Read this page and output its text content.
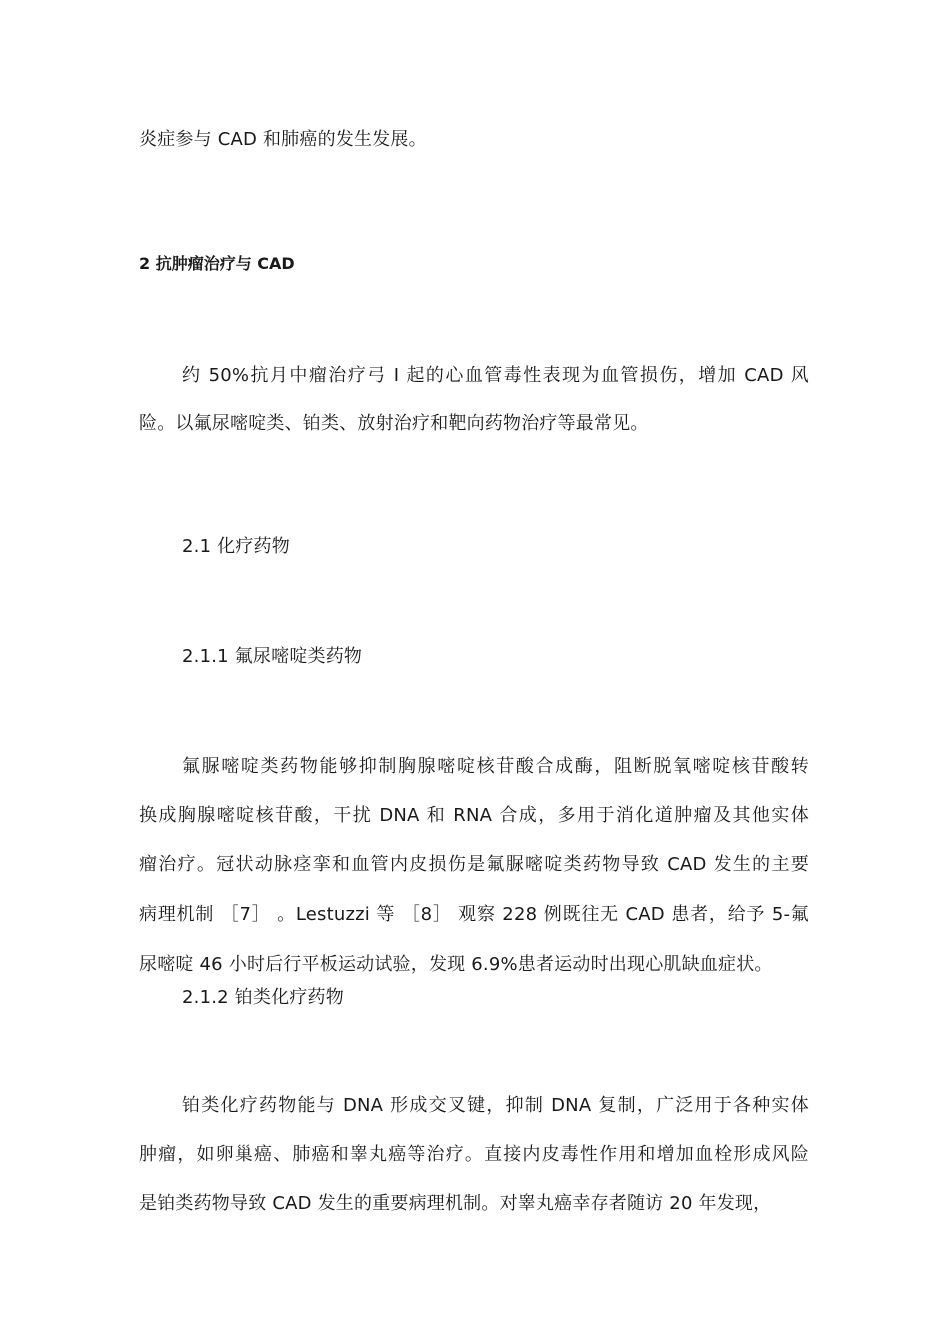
炎症参与 CAD 和肺癌的发生发展。
2 抗肿瘤治疗与 CAD
约 50%抗月中瘤治疗弓 I 起的心血管毒性表现为血管损伤，增加 CAD 风
险。以氟尿嘧啶类、铂类、放射治疗和靶向药物治疗等最常见。
2.1 化疗药物
2.1.1 氟尿嘧啶类药物
氟脲嘧啶类药物能够抑制胸腺嘧啶核苷酸合成酶，阻断脱氧嘧啶核苷酸转
换成胸腺嘧啶核苷酸，干扰 DNA 和 RNA 合成，多用于消化道肿瘤及其他实体
瘤治疗。冠状动脉痉挛和血管内皮损伤是氟脲嘧啶类药物导致 CAD 发生的主要
病理机制 ［7］ 。Lestuzzi 等 ［8］ 观察 228 例既往无 CAD 患者，给予 5-氟
尿嘧啶 46 小时后行平板运动试验，发现 6.9%患者运动时出现心肌缺血症状。
2.1.2 铂类化疗药物
铂类化疗药物能与 DNA 形成交叉键，抑制 DNA 复制，广泛用于各种实体
肿瘤，如卵巢癌、肺癌和睾丸癌等治疗。直接内皮毒性作用和增加血栓形成风险
是铂类药物导致 CAD 发生的重要病理机制。对睾丸癌幸存者随访 20 年发现，
